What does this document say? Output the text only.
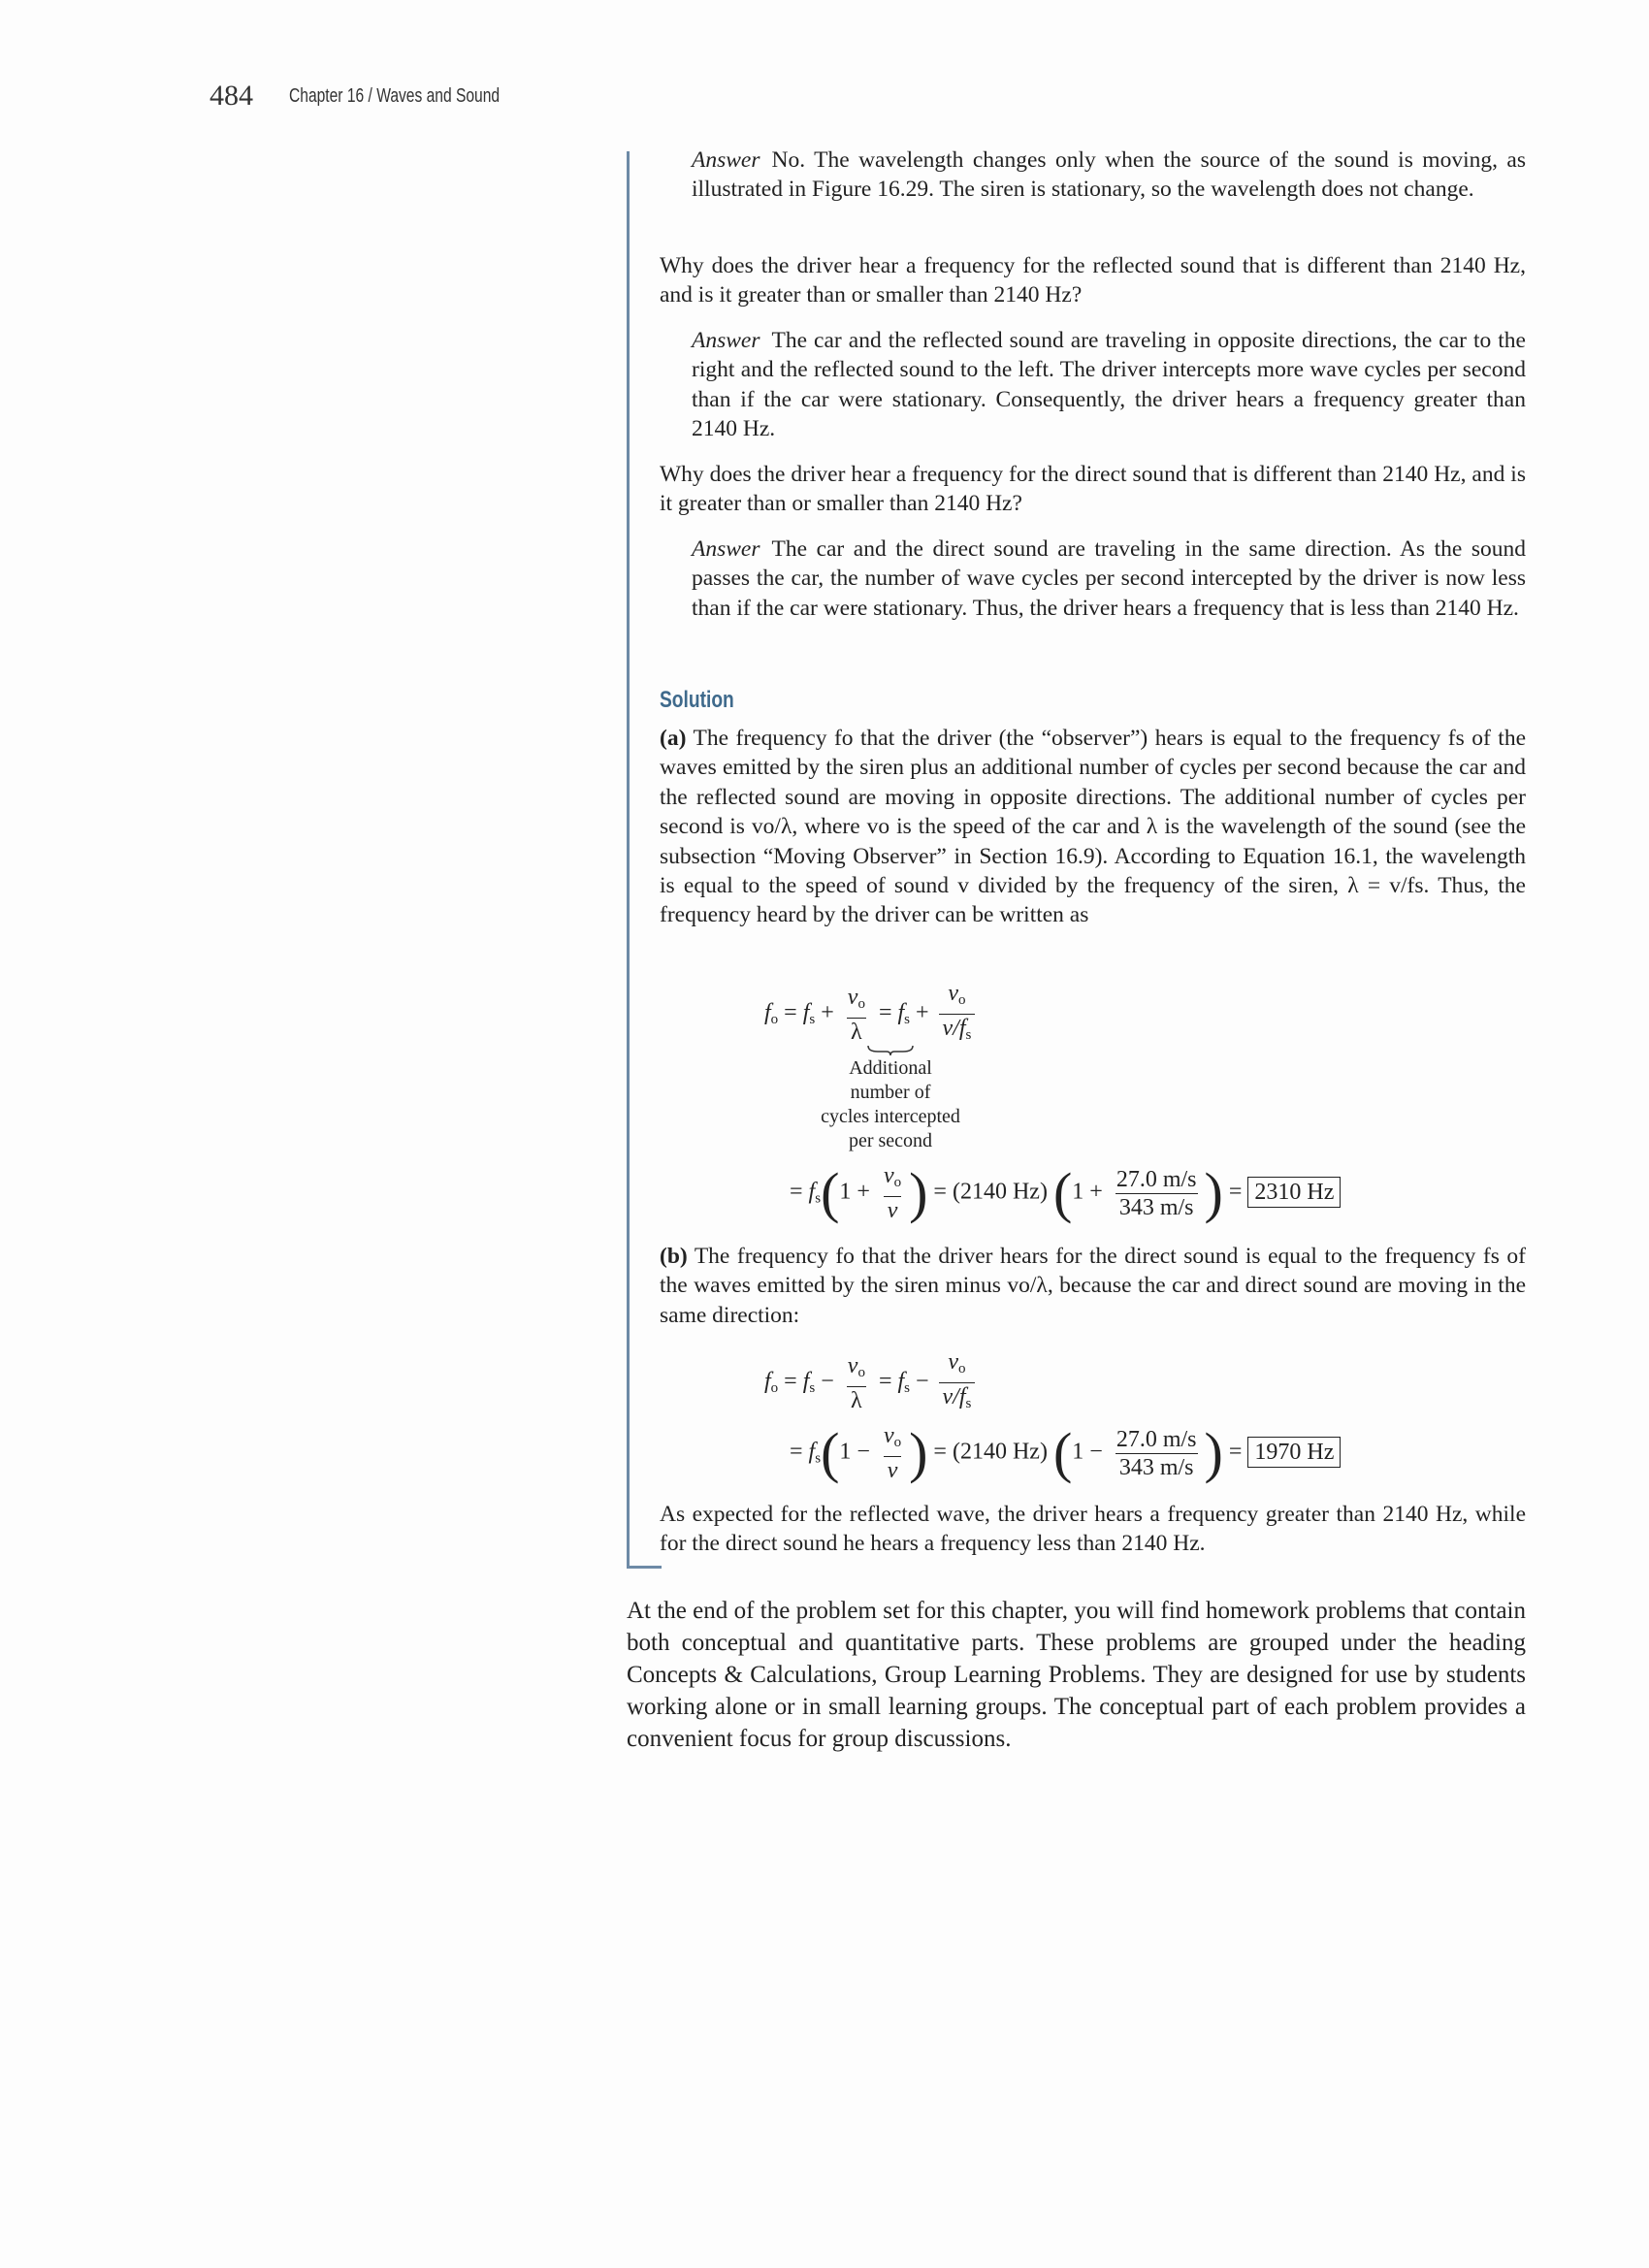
484 Chapter 16 / Waves and Sound

Answer No. The wavelength changes only when the source of the sound is moving, as illustrated in Figure 16.29. The siren is stationary, so the wavelength does not change.

Why does the driver hear a frequency for the reflected sound that is different than 2140 Hz, and is it greater than or smaller than 2140 Hz?

Answer The car and the reflected sound are traveling in opposite directions, the car to the right and the reflected sound to the left. The driver intercepts more wave cycles per second than if the car were stationary. Consequently, the driver hears a frequency greater than 2140 Hz.

Why does the driver hear a frequency for the direct sound that is different than 2140 Hz, and is it greater than or smaller than 2140 Hz?

Answer The car and the direct sound are traveling in the same direction. As the sound passes the car, the number of wave cycles per second intercepted by the driver is now less than if the car were stationary. Thus, the driver hears a frequency that is less than 2140 Hz.

Solution

(a) The frequency fo that the driver (the “observer”) hears is equal to the frequency fs of the waves emitted by the siren plus an additional number of cycles per second because the car and the reflected sound are moving in opposite directions. The additional number of cycles per second is vo/λ, where vo is the speed of the car and λ is the wavelength of the sound (see the subsection “Moving Observer” in Section 16.9). According to Equation 16.1, the wavelength is equal to the speed of sound v divided by the frequency of the siren, λ = v/fs. Thus, the frequency heard by the driver can be written as

$f_o = f_s + \frac{v_o}{\lambda} = f_s + \frac{v_o}{v/f_s}$
Additional
number of
cycles intercepted
per second
= $f_s(1 + \frac{v_o}{v}$ ) = (2140 Hz) ($1 + \frac{27.0 m/s}{343 m/s}$ ) = 2310 Hz

(b) The frequency fo that the driver hears for the direct sound is equal to the frequency fs of the waves emitted by the siren minus vo/λ, because the car and direct sound are moving in the same direction:

$f_o = f_s - \frac{v_o}{\lambda} = f_s - \frac{v_o}{v/f_s}$
= $f_s(1 - \frac{v_o}{v}$ ) = (2140 Hz) ($1 - \frac{27.0 m/s}{343 m/s}$ ) = 1970 Hz

As expected for the reflected wave, the driver hears a frequency greater than 2140 Hz, while for the direct sound he hears a frequency less than 2140 Hz.

At the end of the problem set for this chapter, you will find homework problems that contain both conceptual and quantitative parts. These problems are grouped under the heading Concepts & Calculations, Group Learning Problems. They are designed for use by students working alone or in small learning groups. The conceptual part of each problem provides a convenient focus for group discussions.
